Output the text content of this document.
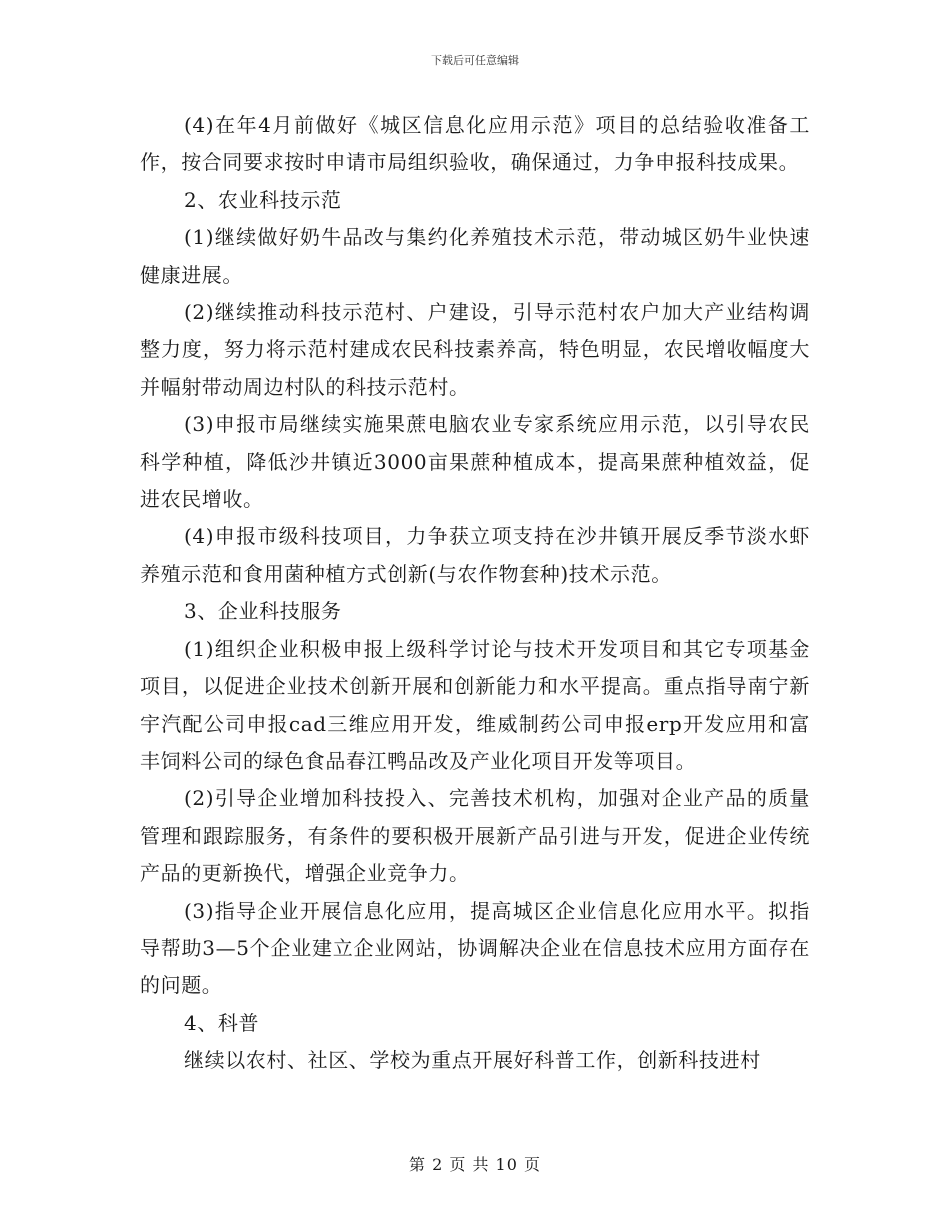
下载后可任意编辑

(4)在年4月前做好《城区信息化应用示范》项目的总结验收准备工作，按合同要求按时申请市局组织验收，确保通过，力争申报科技成果。

2、农业科技示范

(1)继续做好奶牛品改与集约化养殖技术示范，带动城区奶牛业快速健康进展。

(2)继续推动科技示范村、户建设，引导示范村农户加大产业结构调整力度，努力将示范村建成农民科技素养高，特色明显，农民增收幅度大并幅射带动周边村队的科技示范村。

(3)申报市局继续实施果蔗电脑农业专家系统应用示范，以引导农民科学种植，降低沙井镇近3000亩果蔗种植成本，提高果蔗种植效益，促进农民增收。

(4)申报市级科技项目，力争获立项支持在沙井镇开展反季节淡水虾养殖示范和食用菌种植方式创新(与农作物套种)技术示范。

3、企业科技服务

(1)组织企业积极申报上级科学讨论与技术开发项目和其它专项基金项目，以促进企业技术创新开展和创新能力和水平提高。重点指导南宁新宇汽配公司申报cad三维应用开发，维威制药公司申报erp开发应用和富丰饲料公司的绿色食品春江鸭品改及产业化项目开发等项目。

(2)引导企业增加科技投入、完善技术机构，加强对企业产品的质量管理和跟踪服务，有条件的要积极开展新产品引进与开发，促进企业传统产品的更新换代，增强企业竞争力。

(3)指导企业开展信息化应用，提高城区企业信息化应用水平。拟指导帮助3—5个企业建立企业网站，协调解决企业在信息技术应用方面存在的问题。

4、科普

继续以农村、社区、学校为重点开展好科普工作，创新科技进村

第 2 页 共 10 页
